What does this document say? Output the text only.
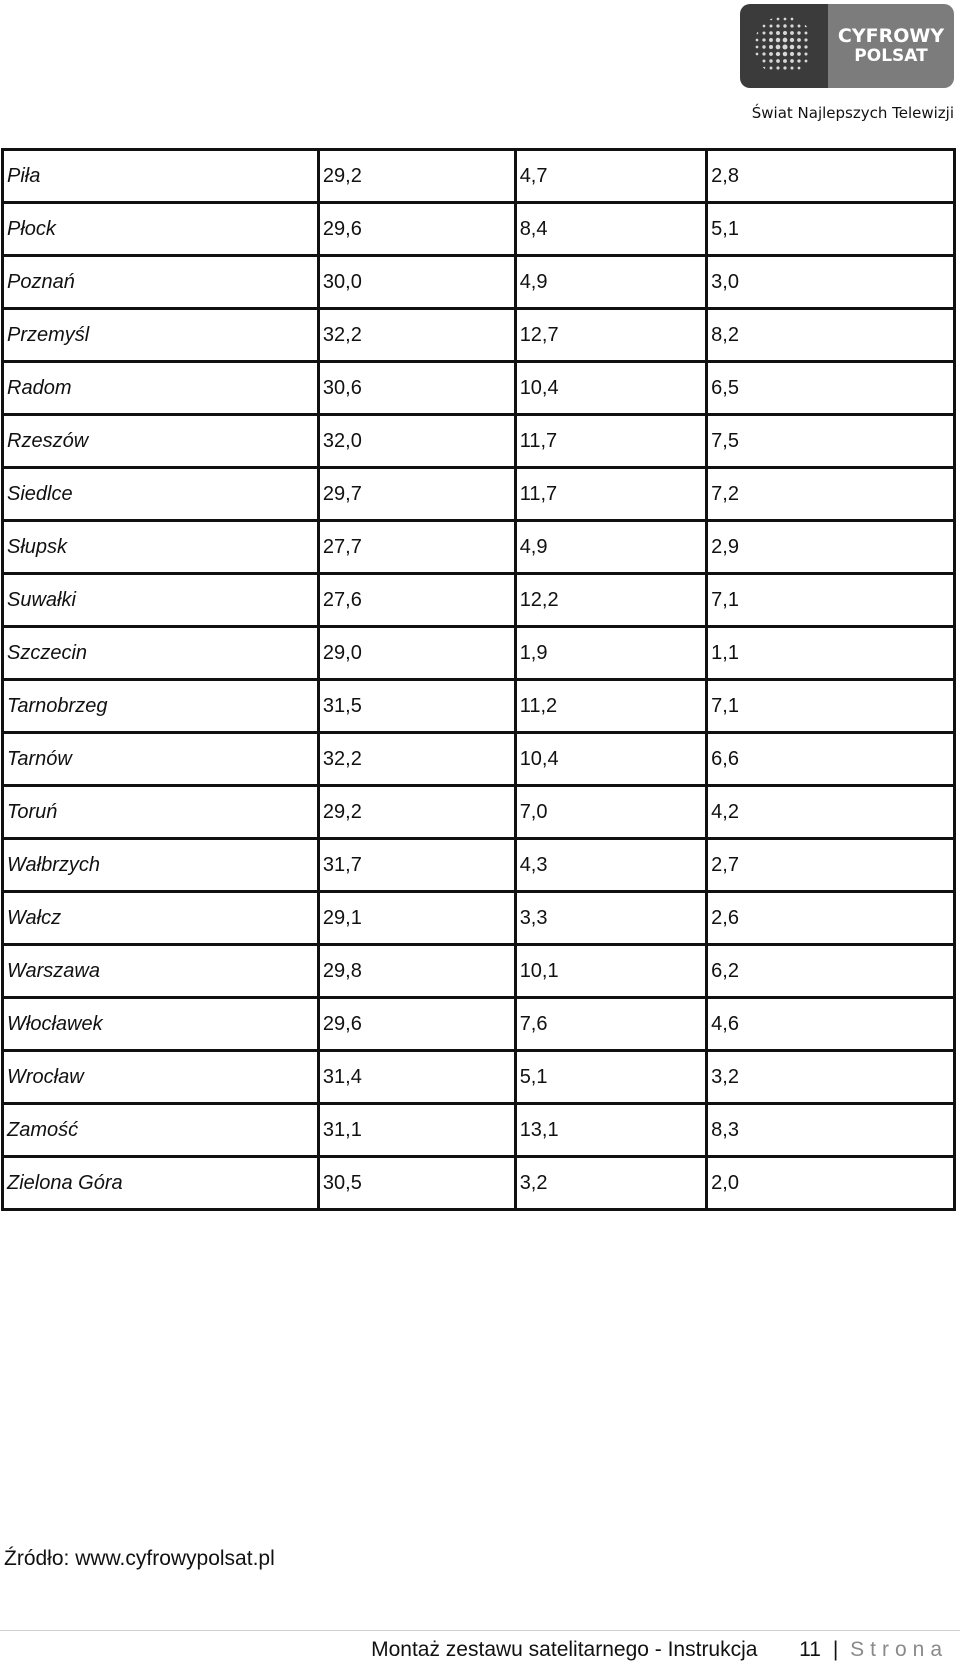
CYFROWY
POLSAT
Świat Najlepszych Telewizji
Piła	29,2	4,7	2,8
Płock	29,6	8,4	5,1
Poznań	30,0	4,9	3,0
Przemyśl	32,2	12,7	8,2
Radom	30,6	10,4	6,5
Rzeszów	32,0	11,7	7,5
Siedlce	29,7	11,7	7,2
Słupsk	27,7	4,9	2,9
Suwałki	27,6	12,2	7,1
Szczecin	29,0	1,9	1,1
Tarnobrzeg	31,5	11,2	7,1
Tarnów	32,2	10,4	6,6
Toruń	29,2	7,0	4,2
Wałbrzych	31,7	4,3	2,7
Wałcz	29,1	3,3	2,6
Warszawa	29,8	10,1	6,2
Włocławek	29,6	7,6	4,6
Wrocław	31,4	5,1	3,2
Zamość	31,1	13,1	8,3
Zielona Góra	30,5	3,2	2,0
Źródło: www.cyfrowypolsat.pl
Montaż zestawu satelitarnego - Instrukcja 11 | Strona
